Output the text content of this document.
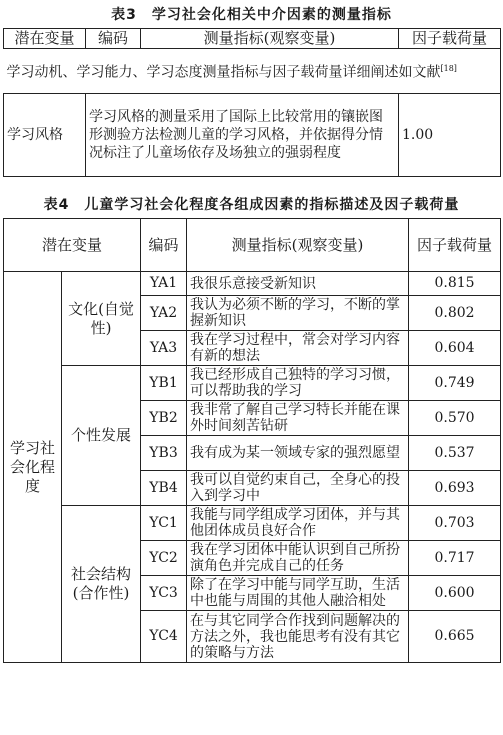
表3　学习社会化相关中介因素的测量指标
潜在变量	编码	测量指标(观察变量)	因子载荷量
学习动机、学习能力、学习态度测量指标与因子载荷量详细阐述如文献[18]
学习风格	学习风格的测量采用了国际上比较常用的镶嵌图形测验方法检测儿童的学习风格，并依据得分情况标注了儿童场依存及场独立的强弱程度		1.00
表4　儿童学习社会化程度各组成因素的指标描述及因子载荷量
潜在变量		编码	测量指标(观察变量)	因子载荷量
学习社会化程度	文化(自觉性)	YA1	我很乐意接受新知识	0.815
		YA2	我认为必须不断的学习，不断的掌握新知识	0.802
		YA3	我在学习过程中，常会对学习内容有新的想法	0.604
	个性发展	YB1	我已经形成自己独特的学习习惯，可以帮助我的学习	0.749
		YB2	我非常了解自己学习特长并能在课外时间刻苦钻研	0.570
		YB3	我有成为某一领域专家的强烈愿望	0.537
		YB4	我可以自觉约束自己，全身心的投入到学习中	0.693
	社会结构(合作性)	YC1	我能与同学组成学习团体，并与其他团体成员良好合作	0.703
		YC2	我在学习团体中能认识到自己所扮演角色并完成自己的任务	0.717
		YC3	除了在学习中能与同学互助，生活中也能与周围的其他人融洽相处	0.600
		YC4	在与其它同学合作找到问题解决的方法之外，我也能思考有没有其它的策略与方法	0.665
